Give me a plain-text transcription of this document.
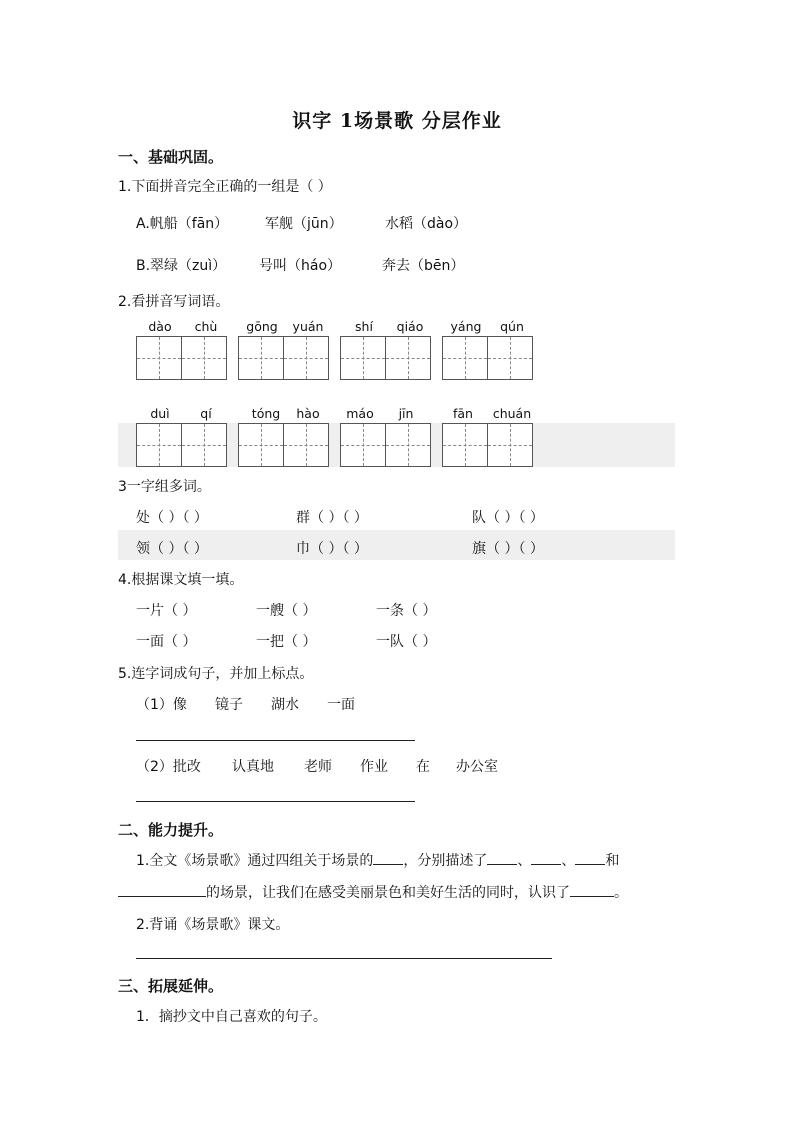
识字 1场景歌 分层作业
一、基础巩固。
1.下面拼音完全正确的一组是（ ）
A.帆船（fān）	军舰（jūn）	水稻（dào）
B.翠绿（zuì） 号叫（háo）	奔去（bēn）
2.看拼音写词语。
dào	chù	gōng	yuán	shí	qiáo	yáng	qún
duì	qí	tóng	hào	máo	jīn	fān	chuán
3一字组多词。
处（ ）（ ）	群（ ）（ ）	队（ ）（ ）
领（ ）（ ）	巾（ ）（ ）	旗（ ）（ ）
4.根据课文填一填。
一片（ ）	一艘（ ）	一条（ ）
一面（ ）	一把（ ）	一队（ ）
5.连字词成句子，并加上标点。
（1）像 镜子 湖水 一面
（2）批改 认真地 老师 作业 在 办公室
二、能力提升。
1.全文《场景歌》通过四组关于场景的 ，分别描述了 、 、 和
的场景，让我们在感受美丽景色和美好生活的同时，认识了	。
2.背诵《场景歌》课文。
三、拓展延伸。
1．摘抄文中自己喜欢的句子。
